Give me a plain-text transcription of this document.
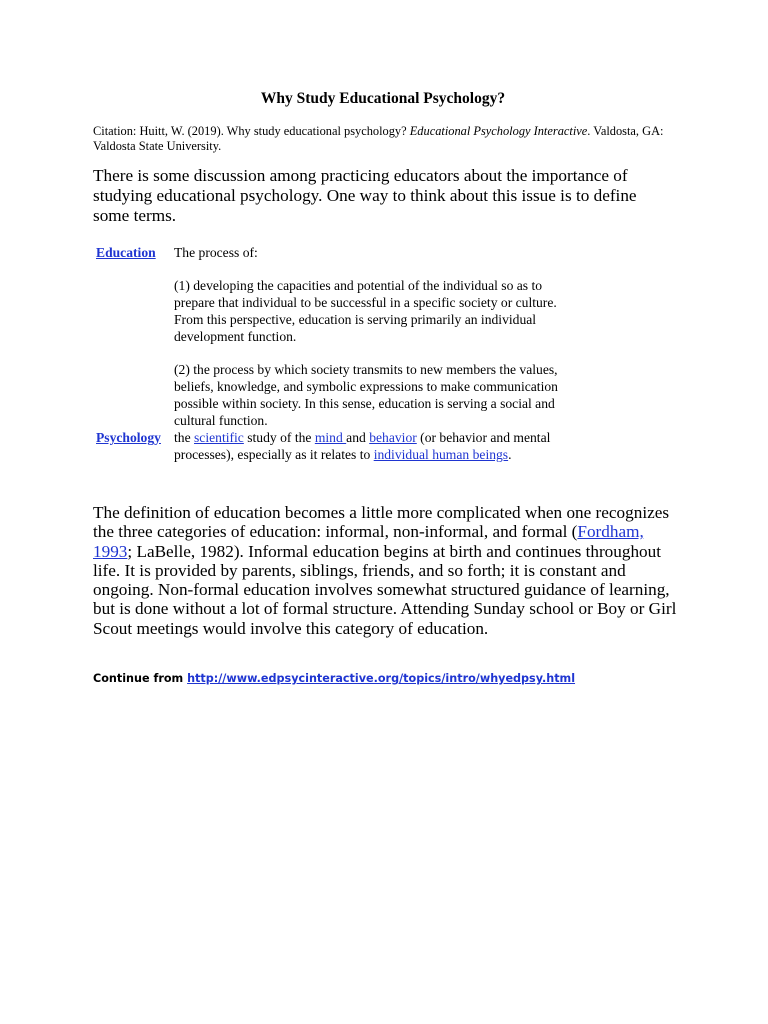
Why Study Educational Psychology?
Citation: Huitt, W. (2019). Why study educational psychology? Educational Psychology Interactive. Valdosta, GA: Valdosta State University.
There is some discussion among practicing educators about the importance of studying educational psychology. One way to think about this issue is to define some terms.
Education The process of:

(1) developing the capacities and potential of the individual so as to prepare that individual to be successful in a specific society or culture. From this perspective, education is serving primarily an individual development function.

(2) the process by which society transmits to new members the values, beliefs, knowledge, and symbolic expressions to make communication possible within society. In this sense, education is serving a social and cultural function.

Psychology the scientific study of the mind and behavior (or behavior and mental processes), especially as it relates to individual human beings.
The definition of education becomes a little more complicated when one recognizes the three categories of education: informal, non-informal, and formal (Fordham, 1993; LaBelle, 1982). Informal education begins at birth and continues throughout life. It is provided by parents, siblings, friends, and so forth; it is constant and ongoing. Non-formal education involves somewhat structured guidance of learning, but is done without a lot of formal structure. Attending Sunday school or Boy or Girl Scout meetings would involve this category of education.
Continue from http://www.edpsycinteractive.org/topics/intro/whyedpsy.html
